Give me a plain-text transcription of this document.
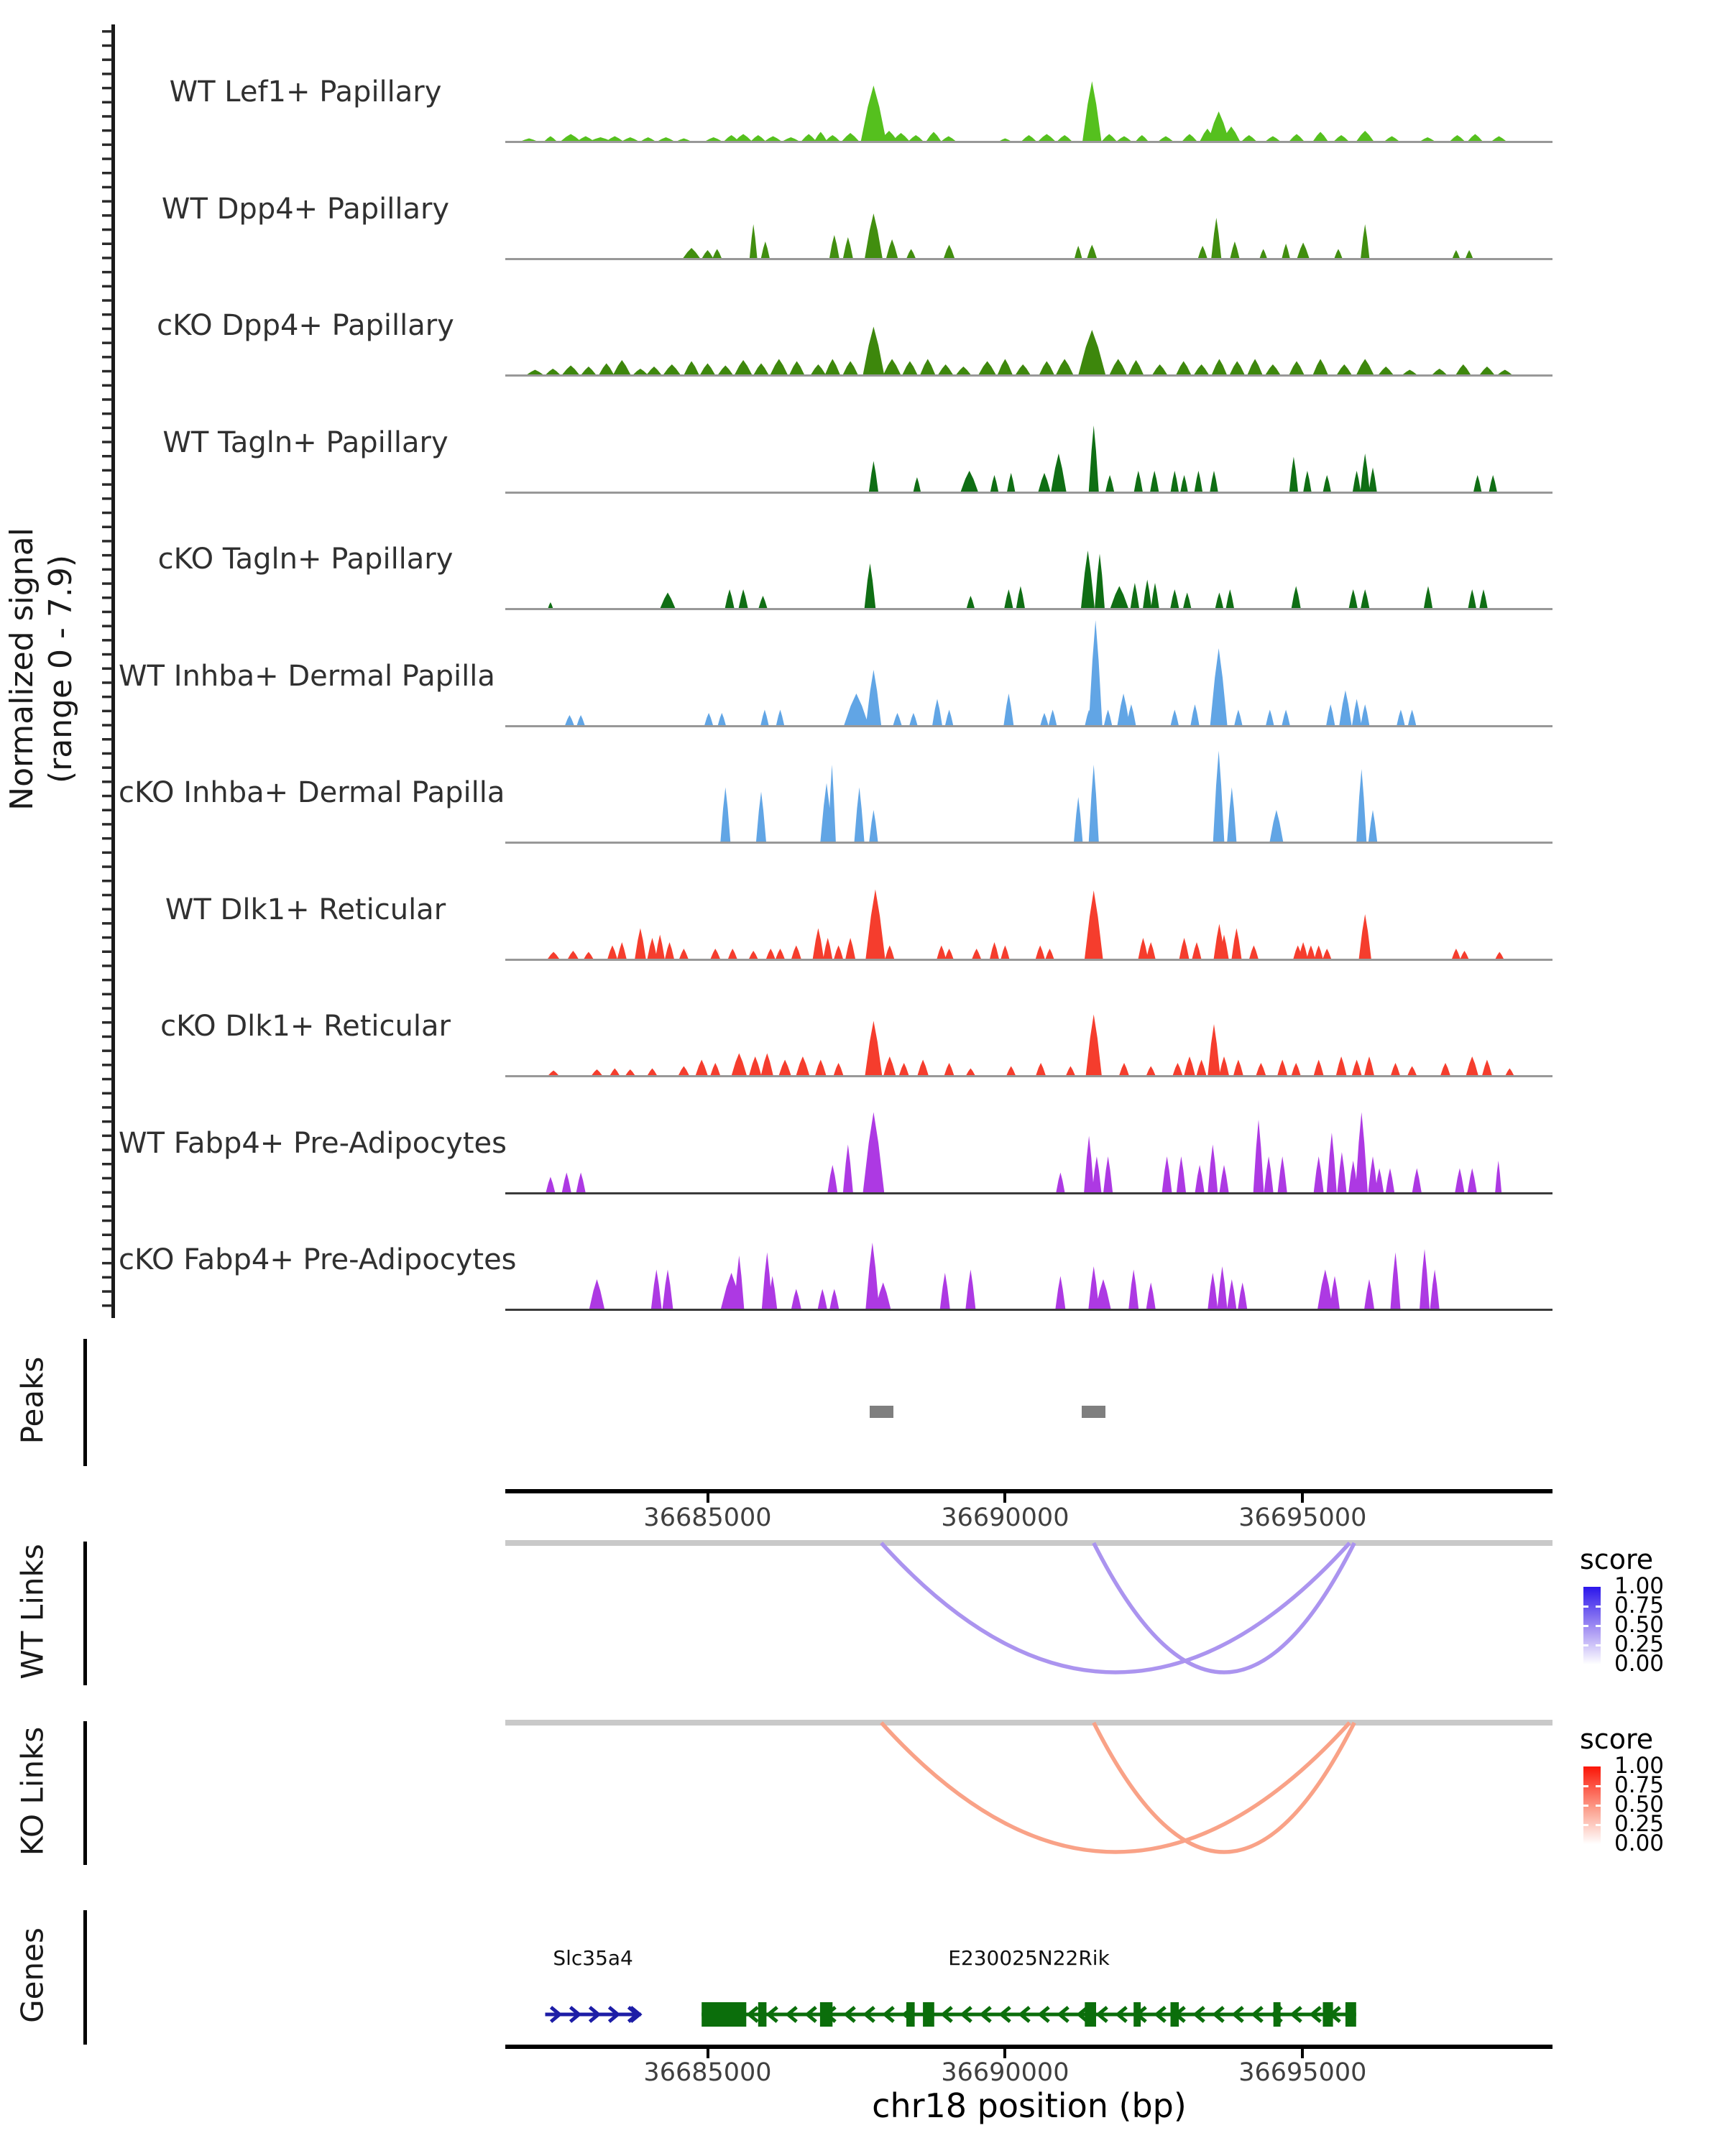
Normalized signal (range 0 - 7.9)
WT Lef1+ Papillary
WT Dpp4+ Papillary
cKO Dpp4+ Papillary
WT Tagln+ Papillary
cKO Tagln+ Papillary
WT Inhba+ Dermal Papilla
cKO Inhba+ Dermal Papilla
WT Dlk1+ Reticular
cKO Dlk1+ Reticular
WT Fabp4+ Pre-Adipocytes
cKO Fabp4+ Pre-Adipocytes
Peaks
WT Links
KO Links
Genes
36685000	36690000	36695000
36685000	36690000	36695000
score
1.00
0.75
0.50
0.25
0.00
score
1.00
0.75
0.50
0.25
0.00
Slc35a4	E230025N22Rik
chr18 position (bp)
